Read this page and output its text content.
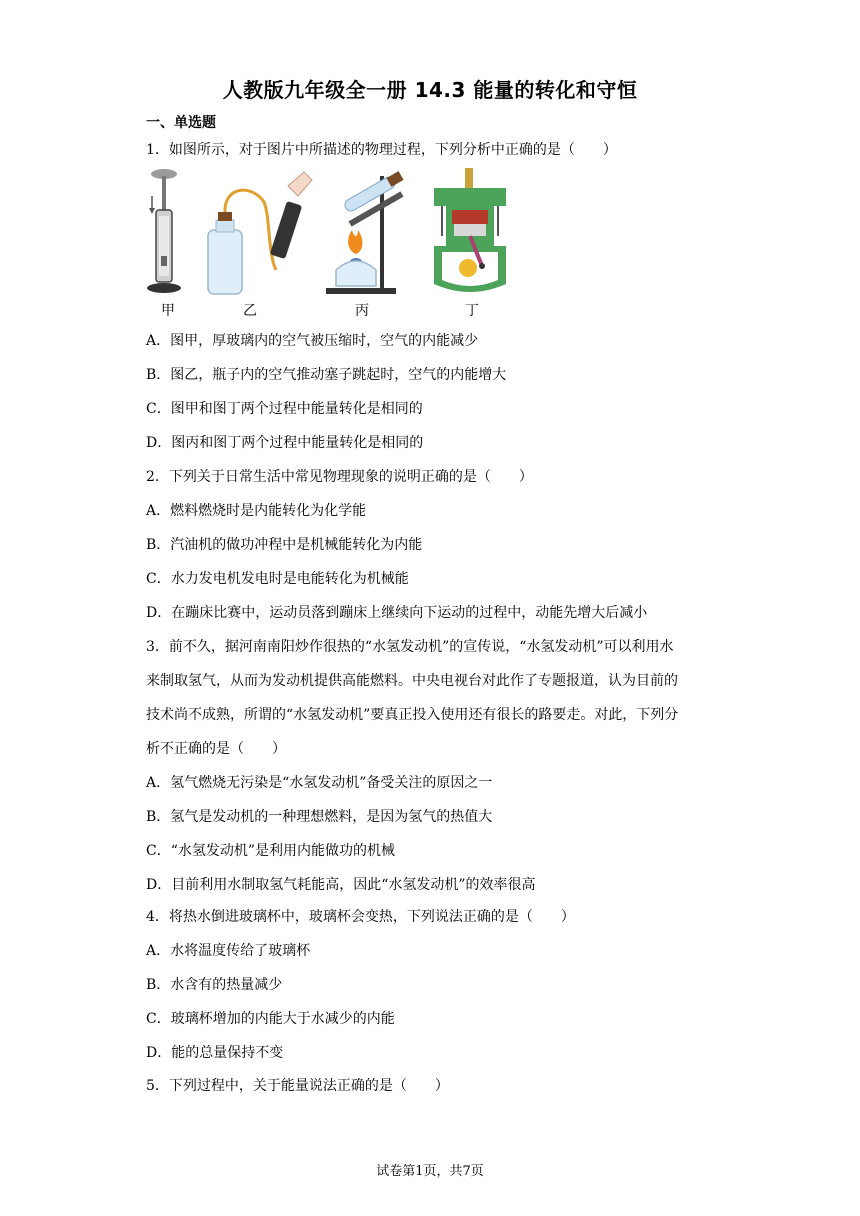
人教版九年级全一册 14.3 能量的转化和守恒
一、单选题
1．如图所示，对于图片中所描述的物理过程，下列分析中正确的是（　　）
甲	乙	丙	丁
A．图甲，厚玻璃内的空气被压缩时，空气的内能减少
B．图乙，瓶子内的空气推动塞子跳起时，空气的内能增大
C．图甲和图丁两个过程中能量转化是相同的
D．图丙和图丁两个过程中能量转化是相同的
2．下列关于日常生活中常见物理现象的说明正确的是（　　）
A．燃料燃烧时是内能转化为化学能
B．汽油机的做功冲程中是机械能转化为内能
C．水力发电机发电时是电能转化为机械能
D．在蹦床比赛中，运动员落到蹦床上继续向下运动的过程中，动能先增大后减小
3．前不久，据河南南阳炒作很热的“水氢发动机”的宣传说，“水氢发动机”可以利用水
来制取氢气，从而为发动机提供高能燃料。中央电视台对此作了专题报道，认为目前的
技术尚不成熟，所谓的“水氢发动机”要真正投入使用还有很长的路要走。对此，下列分
析不正确的是（　　）
A．氢气燃烧无污染是“水氢发动机”备受关注的原因之一
B．氢气是发动机的一种理想燃料，是因为氢气的热值大
C．“水氢发动机”是利用内能做功的机械
D．目前利用水制取氢气耗能高，因此“水氢发动机”的效率很高
4．将热水倒进玻璃杯中，玻璃杯会变热，下列说法正确的是（　　）
A．水将温度传给了玻璃杯
B．水含有的热量减少
C．玻璃杯增加的内能大于水减少的内能
D．能的总量保持不变
5．下列过程中，关于能量说法正确的是（　　）
试卷第1页，共7页
